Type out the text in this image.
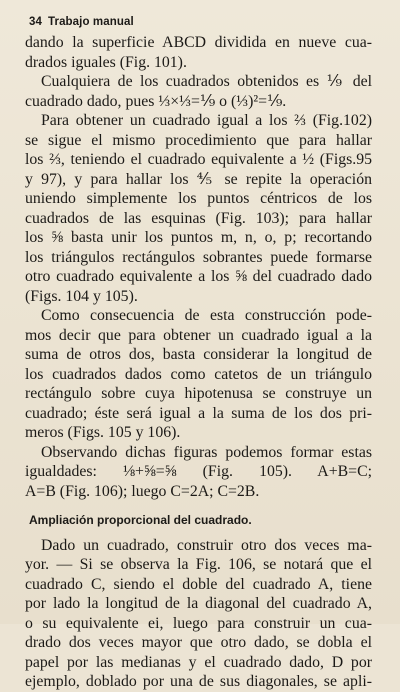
34 Trabajo manual
dando la superficie ABCD dividida en nueve cua-
drados iguales (Fig. 101).
Cualquiera de los cuadrados obtenidos es ⅑ del
cuadrado dado, pues ⅓×⅓=⅑ o (⅓)²=⅑.
Para obtener un cuadrado igual a los ⅔ (Fig.102)
se sigue el mismo procedimiento que para hallar
los ⅔, teniendo el cuadrado equivalente a ½ (Figs.95
y 97), y para hallar los ⅘ se repite la operación
uniendo simplemente los puntos céntricos de los
cuadrados de las esquinas (Fig. 103); para hallar
los ⅝ basta unir los puntos m, n, o, p; recortando
los triángulos rectángulos sobrantes puede formarse
otro cuadrado equivalente a los ⅝ del cuadrado dado
(Figs. 104 y 105).
Como consecuencia de esta construcción pode-
mos decir que para obtener un cuadrado igual a la
suma de otros dos, basta considerar la longitud de
los cuadrados dados como catetos de un triángulo
rectángulo sobre cuya hipotenusa se construye un
cuadrado; éste será igual a la suma de los dos pri-
meros (Figs. 105 y 106).
Observando dichas figuras podemos formar estas
igualdades: ⅛+⅝=⅝ (Fig. 105). A+B=C;
A=B (Fig. 106); luego C=2A; C=2B.
Ampliación proporcional del cuadrado.
Dado un cuadrado, construir otro dos veces ma-
yor. — Si se observa la Fig. 106, se notará que el
cuadrado C, siendo el doble del cuadrado A, tiene
por lado la longitud de la diagonal del cuadrado A,
o su equivalente ei, luego para construir un cua-
drado dos veces mayor que otro dado, se dobla el
papel por las medianas y el cuadrado dado, D por
ejemplo, doblado por una de sus diagonales, se apli-
